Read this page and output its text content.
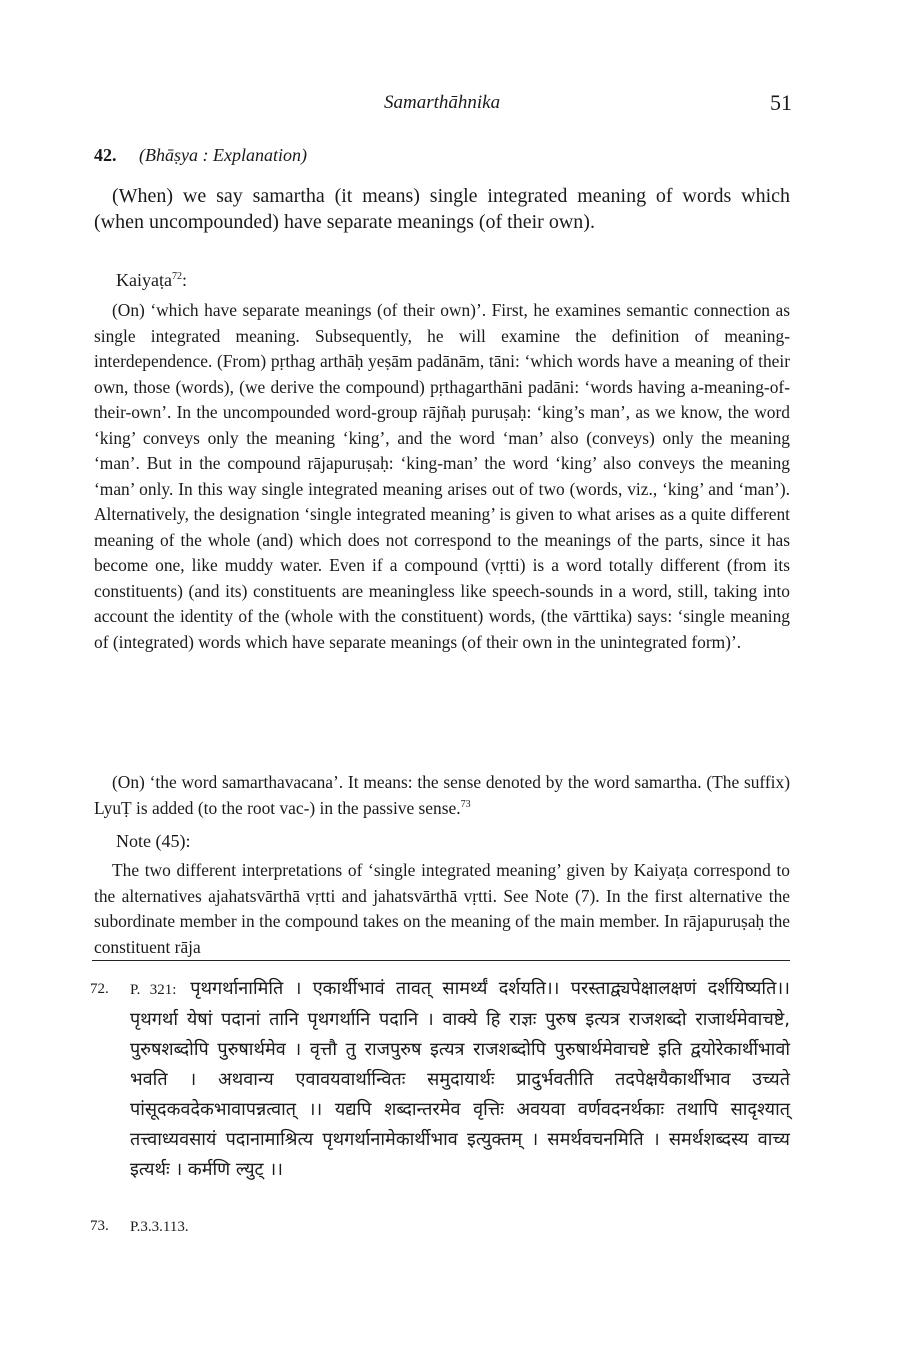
Samarthāhnika	51
42. (Bhāṣya : Explanation)

(When) we say samartha (it means) single integrated meaning of words which (when uncompounded) have separate meanings (of their own).

Kaiyaṭa$^{72}$:

(On) ‘which have separate meanings (of their own)’. First, he examines semantic connection as single integrated meaning. Subsequently, he will examine the definition of meaning-interdependence. (From) pṛthag arthāḥ yeṣām padānām, tāni: ‘which words have a meaning of their own, those (words), (we derive the compound) pṛthagarthāni padāni: ‘words having a-meaning-of-their-own’. In the uncompounded word-group rājñaḥ puruṣaḥ: ‘king’s man’, as we know, the word ‘king’ conveys only the meaning ‘king’, and the word ‘man’ also (conveys) only the meaning ‘man’. But in the compound rājapuruṣaḥ: ‘king-man’ the word ‘king’ also conveys the meaning ‘man’ only. In this way single integrated meaning arises out of two (words, viz., ‘king’ and ‘man’). Alternatively, the designation ‘single integrated meaning’ is given to what arises as a quite different meaning of the whole (and) which does not correspond to the meanings of the parts, since it has become one, like muddy water. Even if a compound (vṛtti) is a word totally different (from its constituents) (and its) constituents are meaningless like speech-sounds in a word, still, taking into account the identity of the (whole with the constituent) words, (the vārttika) says: ‘single meaning of (integrated) words which have separate meanings (of their own in the unintegrated form)’.

(On) ‘the word samarthavacana’. It means: the sense denoted by the word samartha. (The suffix) LyuṬ is added (to the root vac-) in the passive sense.$^{73}$

Note (45):

The two different interpretations of ‘single integrated meaning’ given by Kaiyaṭa correspond to the alternatives ajahatsvārthā vṛtti and jahatsvārthā vṛtti. See Note (7). In the first alternative the subordinate member in the compound takes on the meaning of the main member. In rājapuruṣaḥ the constituent rāja

72. P. 321: पृथगर्थानामिति । एकार्थीभावं तावत् सामर्थ्यं दर्शयति।। परस्ताद्व्यपेक्षालक्षणं दर्शयिष्यति।। पृथगर्था येषां पदानां तानि पृथगर्थानि पदानि । वाक्ये हि राज्ञः पुरुष इत्यत्र राजशब्दो राजार्थमेवाचष्टे, पुरुषशब्दोपि पुरुषार्थमेव । वृत्तौ तु राजपुरुष इत्यत्र राजशब्दोपि पुरुषार्थमेवाचष्टे इति द्वयोरेकार्थीभावो भवति । अथवान्य एवावयवार्थान्वितः समुदायार्थः प्रादुर्भवतीति तदपेक्षयैकार्थीभाव उच्यते पांसूदकवदेकभावापन्नत्वात् ।। यद्यपि शब्दान्तरमेव वृत्तिः अवयवा वर्णवदनर्थकाः तथापि सादृश्यात् तत्त्वाध्यवसायं पदानामाश्रित्य पृथगर्थानामेकार्थीभाव इत्युक्तम् । समर्थवचनमिति । समर्थशब्दस्य वाच्य इत्यर्थः । कर्मणि ल्युट् ।।
73. P.3.3.113.
